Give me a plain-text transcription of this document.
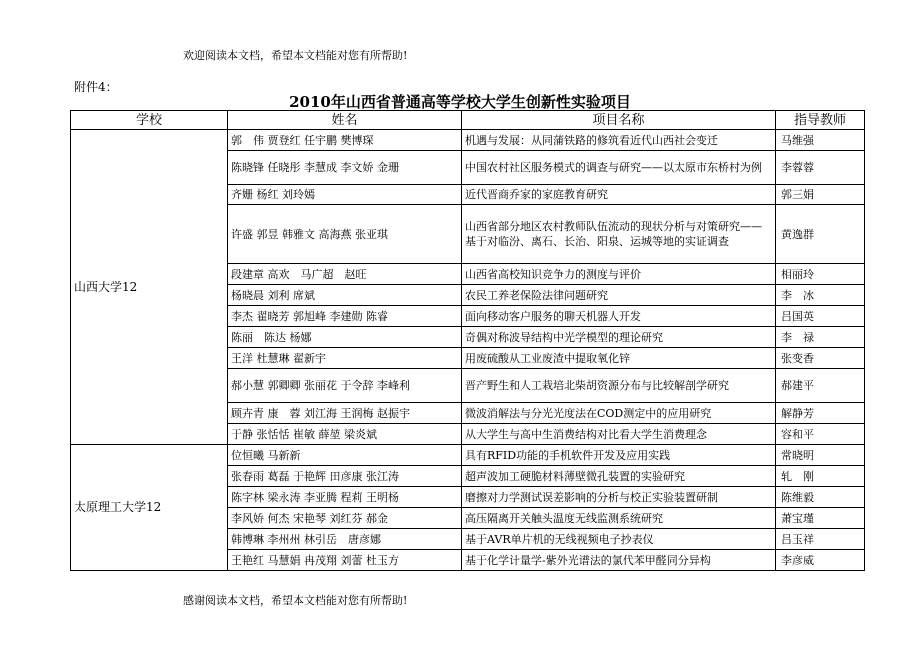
欢迎阅读本文档，希望本文档能对您有所帮助!
附件4：
2010年山西省普通高等学校大学生创新性实验项目
学校	姓名	项目名称	指导教师
山西大学12	郭　伟 贾登红 任宇鹏 樊博琛	机遇与发展：从同蒲铁路的修筑看近代山西社会变迁	马维强
	陈晓锋 任晓彤 李慧成 李文娇 金珊	中国农村社区服务模式的调查与研究——以太原市东桥村为例	李蓉蓉
	齐姗 杨红 刘玲嫣	近代晋商乔家的家庭教育研究	郭三娟
	许盛 郭昱 韩雅文 高海燕 张亚琪	山西省部分地区农村教师队伍流动的现状分析与对策研究——基于对临汾、离石、长治、阳泉、运城等地的实证调查	黄逸群
	段建章 高欢　马广超　赵旺	山西省高校知识竞争力的测度与评价	相丽玲
	杨晓晨 刘利 席斌	农民工养老保险法律问题研究	李　冰
	李杰 翟晓芳 郭旭峰 李建勋 陈睿	面向移动客户服务的聊天机器人开发	吕国英
	陈丽　陈达 杨娜	奇偶对称波导结构中光学模型的理论研究	李　禄
	王洋 杜慧琳 翟新宇	用废硫酸从工业废渣中提取氧化锌	张变香
	郝小慧 郭卿卿 张丽花 于令辞 李峰利	晋产野生和人工栽培北柴胡资源分布与比较解剖学研究	郝建平
	顾卉青 康　蓉 刘江海 王润梅 赵振宇	微波消解法与分光光度法在COD测定中的应用研究	解静芳
	于静 张恬恬 崔敏 薛堃 梁炎斌	从大学生与高中生消费结构对比看大学生消费理念	容和平
太原理工大学12	位恒曦 马新新	具有RFID功能的手机软件开发及应用实践	常晓明
	张春雨 葛磊 于艳辉 田彦康 张江涛	超声波加工硬脆材料薄壁微孔装置的实验研究	轧　刚
	陈字林 梁永涛 李亚腾 程莉 王明杨	磨擦对力学测试误差影响的分析与校正实验装置研制	陈维毅
	李风娇 何杰 宋艳琴 刘红芬 郝金	高压隔离开关触头温度无线监测系统研究	萧宝瑾
	韩博琳 李州州 林引岳　唐彦娜	基于AVR单片机的无线视频电子抄表仪	吕玉祥
	王艳红 马慧娟 冉茂翔 刘蕾 杜玉方	基于化学计量学-紫外光谱法的氯代苯甲醛同分异构	李彦威
感谢阅读本文档，希望本文档能对您有所帮助!
